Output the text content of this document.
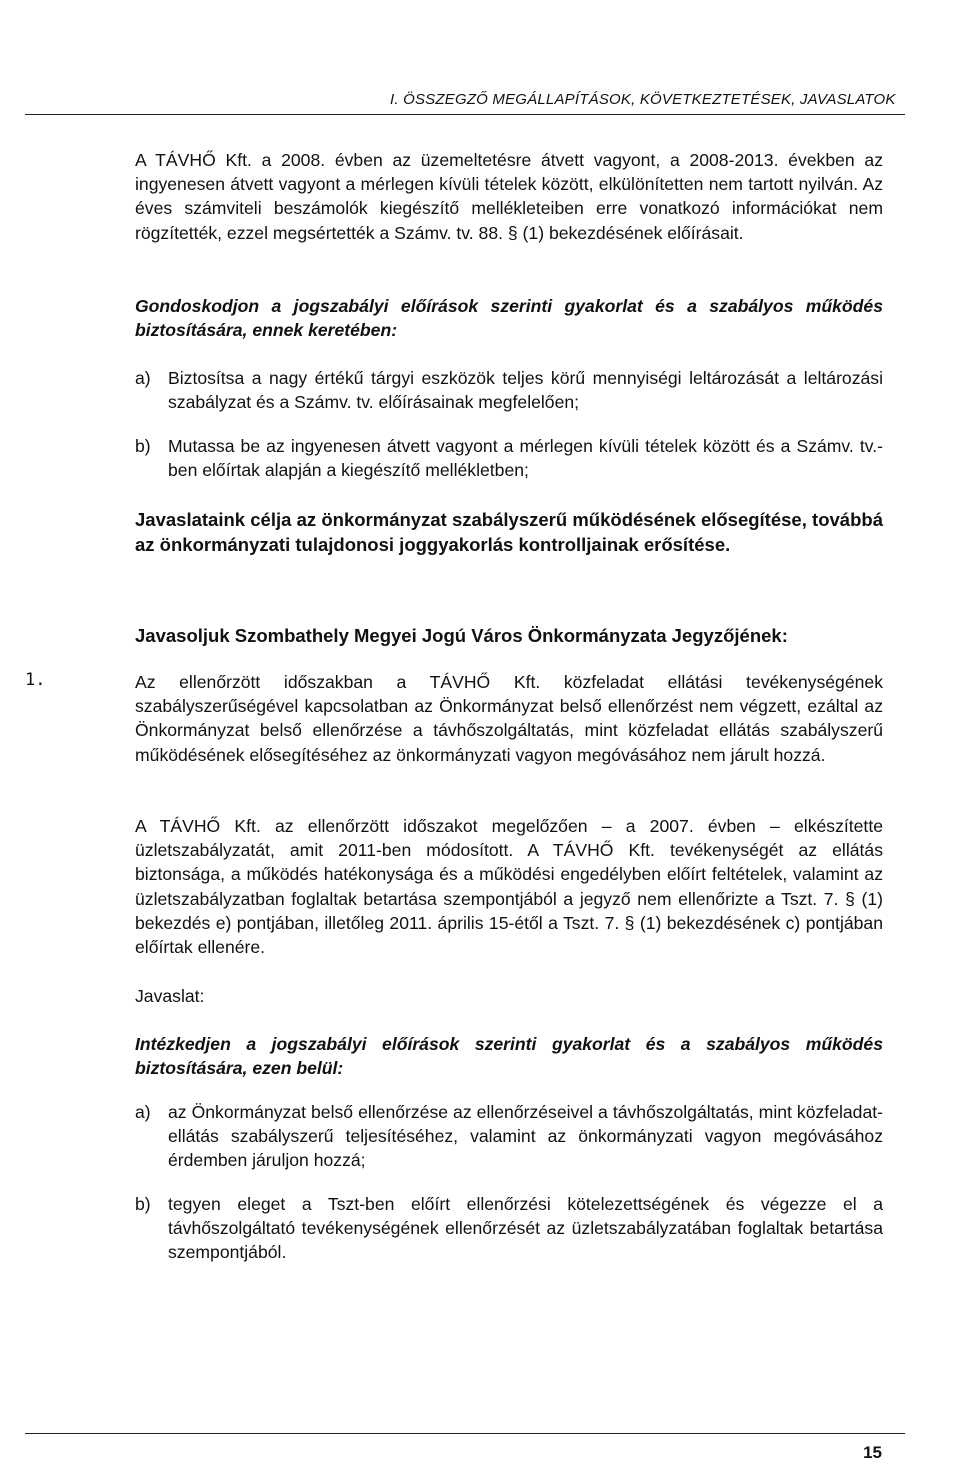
I. ÖSSZEGZŐ MEGÁLLAPÍTÁSOK, KÖVETKEZTETÉSEK, JAVASLATOK
A TÁVHŐ Kft. a 2008. évben az üzemeltetésre átvett vagyont, a 2008-2013. években az ingyenesen átvett vagyont a mérlegen kívüli tételek között, elkülönítetten nem tartott nyilván. Az éves számviteli beszámolók kiegészítő mellékleteiben erre vonatkozó információkat nem rögzítették, ezzel megsértették a Számv. tv. 88. § (1) bekezdésének előírásait.
Gondoskodjon a jogszabályi előírások szerinti gyakorlat és a szabályos működés biztosítására, ennek keretében:
a) Biztosítsa a nagy értékű tárgyi eszközök teljes körű mennyiségi leltározását a leltározási szabályzat és a Számv. tv. előírásainak megfelelően;
b) Mutassa be az ingyenesen átvett vagyont a mérlegen kívüli tételek között és a Számv. tv.-ben előírtak alapján a kiegészítő mellékletben;
Javaslataink célja az önkormányzat szabályszerű működésének elősegítése, továbbá az önkormányzati tulajdonosi joggyakorlás kontrolljainak erősítése.
Javasoljuk Szombathely Megyei Jogú Város Önkormányzata Jegyzőjének:
1.	Az ellenőrzött időszakban a TÁVHŐ Kft. közfeladat ellátási tevékenységének szabályszerűségével kapcsolatban az Önkormányzat belső ellenőrzést nem végzett, ezáltal az Önkormányzat belső ellenőrzése a távhőszolgáltatás, mint közfeladat ellátás szabályszerű működésének elősegítéséhez az önkormányzati vagyon megóvásához nem járult hozzá.
A TÁVHŐ Kft. az ellenőrzött időszakot megelőzően – a 2007. évben – elkészítette üzletszabályzatát, amit 2011-ben módosított. A TÁVHŐ Kft. tevékenységét az ellátás biztonsága, a működés hatékonysága és a működési engedélyben előírt feltételek, valamint az üzletszabályzatban foglaltak betartása szempontjából a jegyző nem ellenőrizte a Tszt. 7. § (1) bekezdés e) pontjában, illetőleg 2011. április 15-étől a Tszt. 7. § (1) bekezdésének c) pontjában előírtak ellenére.
Javaslat:
Intézkedjen a jogszabályi előírások szerinti gyakorlat és a szabályos működés biztosítására, ezen belül:
a) az Önkormányzat belső ellenőrzése az ellenőrzéseivel a távhőszolgáltatás, mint közfeladat-ellátás szabályszerű teljesítéséhez, valamint az önkormányzati vagyon megóvásához érdemben járuljon hozzá;
b) tegyen eleget a Tszt-ben előírt ellenőrzési kötelezettségének és végezze el a távhőszolgáltató tevékenységének ellenőrzését az üzletszabályzatában foglaltak betartása szempontjából.
15
